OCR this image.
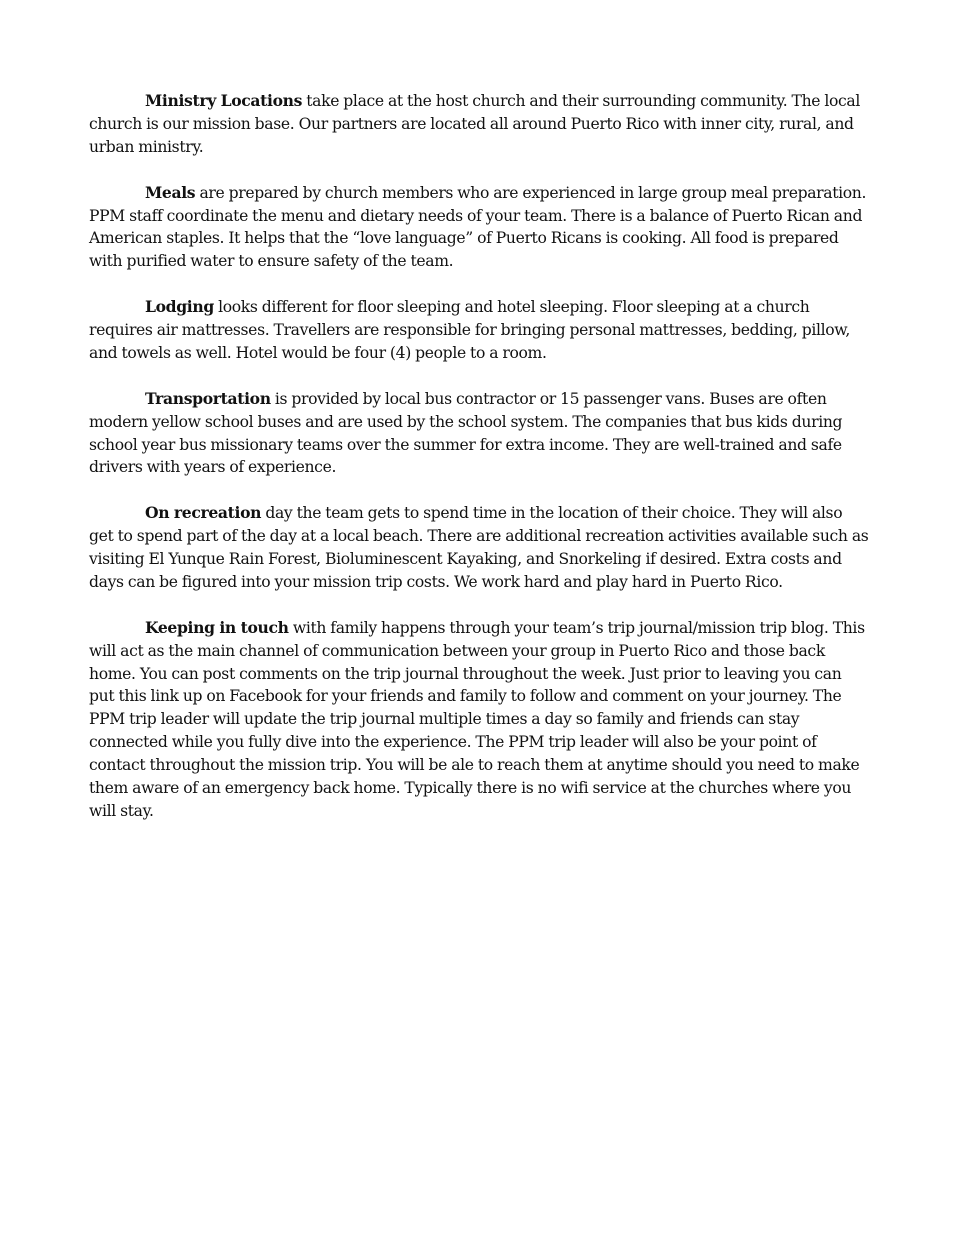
Ministry Locations take place at the host church and their surrounding community. The local church is our mission base. Our partners are located all around Puerto Rico with inner city, rural, and urban ministry.

Meals are prepared by church members who are experienced in large group meal preparation. PPM staff coordinate the menu and dietary needs of your team. There is a balance of Puerto Rican and American staples. It helps that the “love language” of Puerto Ricans is cooking. All food is prepared with purified water to ensure safety of the team.

Lodging looks different for floor sleeping and hotel sleeping. Floor sleeping at a church requires air mattresses. Travellers are responsible for bringing personal mattresses, bedding, pillow, and towels as well. Hotel would be four (4) people to a room.

Transportation is provided by local bus contractor or 15 passenger vans. Buses are often modern yellow school buses and are used by the school system. The companies that bus kids during school year bus missionary teams over the summer for extra income. They are well-trained and safe drivers with years of experience.

On recreation day the team gets to spend time in the location of their choice. They will also get to spend part of the day at a local beach. There are additional recreation activities available such as visiting El Yunque Rain Forest, Bioluminescent Kayaking, and Snorkeling if desired. Extra costs and days can be figured into your mission trip costs. We work hard and play hard in Puerto Rico.

Keeping in touch with family happens through your team’s trip journal/mission trip blog. This will act as the main channel of communication between your group in Puerto Rico and those back home. You can post comments on the trip journal throughout the week. Just prior to leaving you can put this link up on Facebook for your friends and family to follow and comment on your journey. The PPM trip leader will update the trip journal multiple times a day so family and friends can stay connected while you fully dive into the experience. The PPM trip leader will also be your point of contact throughout the mission trip. You will be ale to reach them at anytime should you need to make them aware of an emergency back home. Typically there is no wifi service at the churches where you will stay.
